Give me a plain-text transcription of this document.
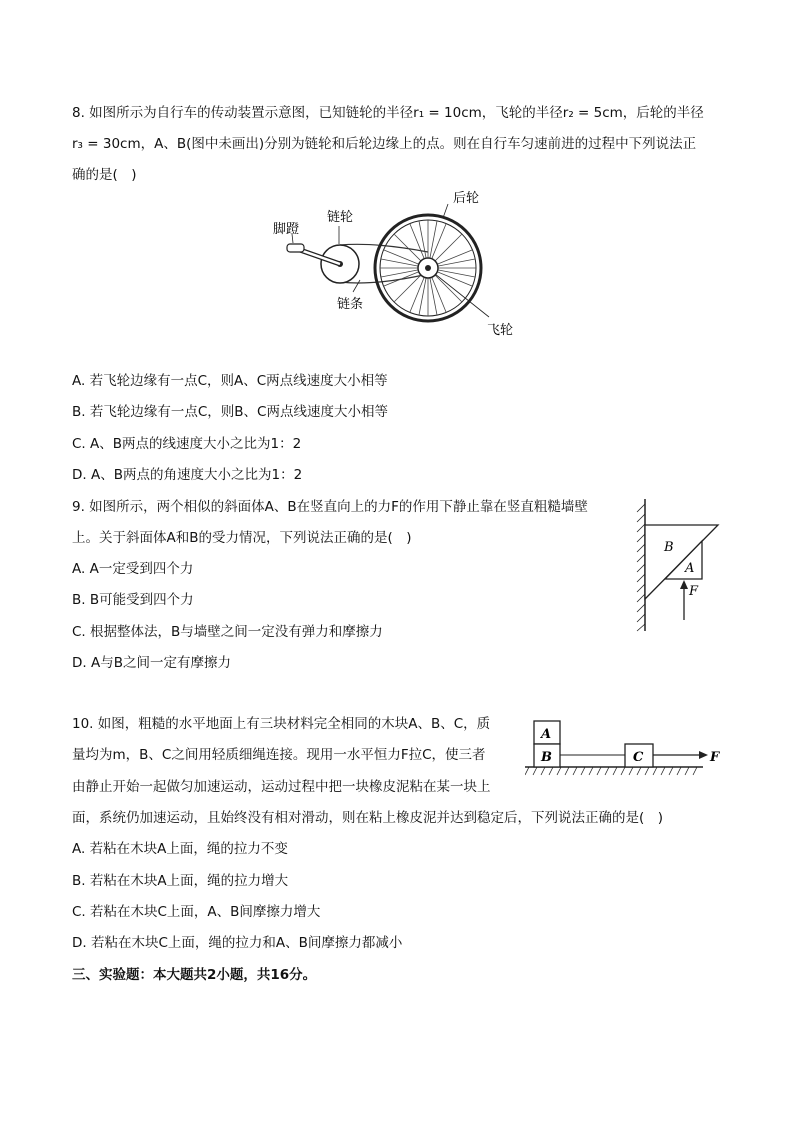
8. 如图所示为自行车的传动装置示意图，已知链轮的半径r₁ = 10cm，飞轮的半径r₂ = 5cm，后轮的半径
r₃ = 30cm，A、B(图中未画出)分别为链轮和后轮边缘上的点。则在自行车匀速前进的过程中下列说法正
确的是(　)
后轮
链轮
脚蹬
链条
飞轮
A. 若飞轮边缘有一点C，则A、C两点线速度大小相等
B. 若飞轮边缘有一点C，则B、C两点线速度大小相等
C. A、B两点的线速度大小之比为1：2
D. A、B两点的角速度大小之比为1：2
9. 如图所示，两个相似的斜面体A、B在竖直向上的力F的作用下静止靠在竖直粗糙墙壁
上。关于斜面体A和B的受力情况，下列说法正确的是(　)
A. A一定受到四个力
B. B可能受到四个力
C. 根据整体法，B与墙壁之间一定没有弹力和摩擦力
D. A与B之间一定有摩擦力
B
A
F
10. 如图，粗糙的水平地面上有三块材料完全相同的木块A、B、C，质
量均为m，B、C之间用轻质细绳连接。现用一水平恒力F拉C，使三者
由静止开始一起做匀加速运动，运动过程中把一块橡皮泥粘在某一块上
面，系统仍加速运动，且始终没有相对滑动，则在粘上橡皮泥并达到稳定后，下列说法正确的是(　)
A
B	C	F
A. 若粘在木块A上面，绳的拉力不变
B. 若粘在木块A上面，绳的拉力增大
C. 若粘在木块C上面，A、B间摩擦力增大
D. 若粘在木块C上面，绳的拉力和A、B间摩擦力都减小
三、实验题：本大题共2小题，共16分。
